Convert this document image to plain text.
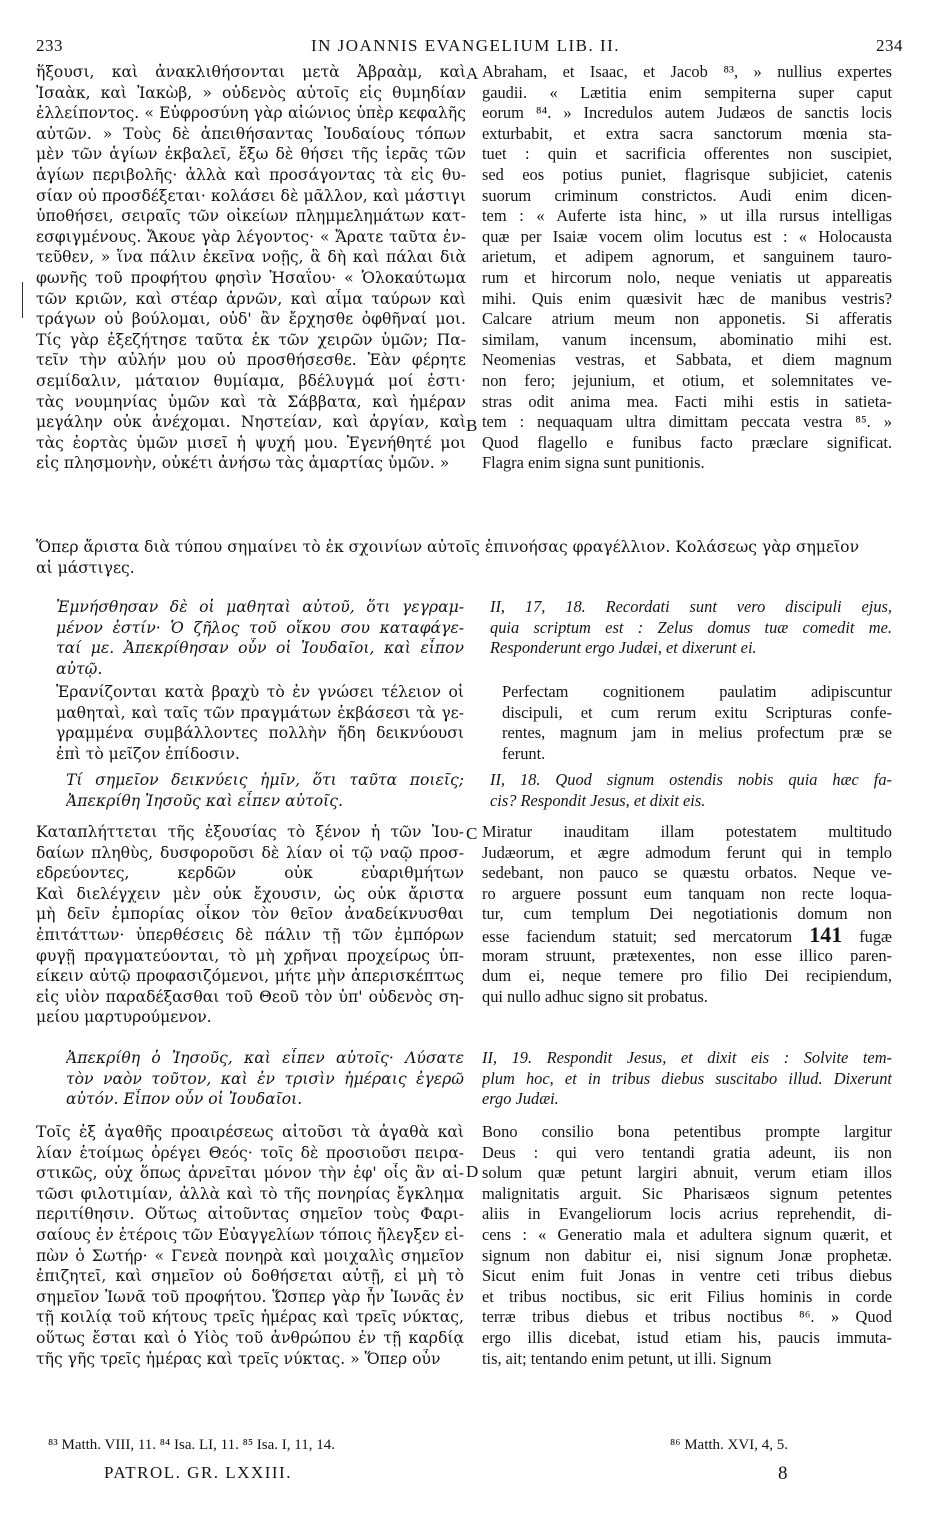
233	IN JOANNIS EVANGELIUM LIB. II.	234
ἥξουσι, καὶ ἀνακλιθήσονται μετὰ Ἀβραὰμ, καὶ
Ἰσαὰκ, καὶ Ἰακὼβ, » οὐδενὸς αὐτοῖς εἰς θυμηδίαν
ἐλλείποντος. « Εὐφροσύνη γὰρ αἰώνιος ὑπὲρ κεφαλῆς
αὐτῶν. » Τοὺς δὲ ἀπειθήσαντας Ἰουδαίους τόπων
μὲν τῶν ἁγίων ἐκβαλεῖ, ἔξω δὲ θήσει τῆς ἱερᾶς τῶν
ἁγίων περιβολῆς· ἀλλὰ καὶ προσάγοντας τὰ εἰς θυ-
σίαν οὐ προσδέξεται· κολάσει δὲ μᾶλλον, καὶ μάστιγι
ὑποθήσει, σειραῖς τῶν οἰκείων πλημμελημάτων κατ-
εσφιγμένους. Ἄκουε γὰρ λέγοντος· « Ἄρατε ταῦτα ἐν-
τεῦθεν, » ἵνα πάλιν ἐκεῖνα νοῇς, ἃ δὴ καὶ πάλαι διὰ
φωνῆς τοῦ προφήτου φησὶν Ἡσαΐου· « Ὁλοκαύτωμα
τῶν κριῶν, καὶ στέαρ ἀρνῶν, καὶ αἷμα ταύρων καὶ
τράγων οὐ βούλομαι, οὐδ' ἂν ἔρχησθε ὀφθῆναί μοι.
Τίς γὰρ ἐξεζήτησε ταῦτα ἐκ τῶν χειρῶν ὑμῶν; Πα-
τεῖν τὴν αὐλήν μου οὐ προσθήσεσθε. Ἐὰν φέρητε
σεμίδαλιν, μάταιον θυμίαμα, βδέλυγμά μοί ἐστι·
τὰς νουμηνίας ὑμῶν καὶ τὰ Σάββατα, καὶ ἡμέραν
μεγάλην οὐκ ἀνέχομαι. Νηστείαν, καὶ ἀργίαν, καὶ
τὰς ἑορτὰς ὑμῶν μισεῖ ἡ ψυχή μου. Ἐγενήθητέ μοι
εἰς πλησμονὴν, οὐκέτι ἀνήσω τὰς ἁμαρτίας ὑμῶν. »
Abraham, et Isaac, et Jacob ⁸³, » nullius expertes
gaudii. « Lætitia enim sempiterna super caput
eorum ⁸⁴. » Incredulos autem Judæos de sanctis locis
exturbabit, et extra sacra sanctorum mœnia sta-
tuet : quin et sacrificia offerentes non suscipiet,
sed eos potius puniet, flagrisque subjiciet, catenis
suorum criminum constrictos. Audi enim dicen-
tem : « Auferte ista hinc, » ut illa rursus intelligas
quæ per Isaiæ vocem olim locutus est : « Holocausta
arietum, et adipem agnorum, et sanguinem tauro-
rum et hircorum nolo, neque veniatis ut appareatis
mihi. Quis enim quæsivit hæc de manibus vestris?
Calcare atrium meum non apponetis. Si afferatis
similam, vanum incensum, abominatio mihi est.
Neomenias vestras, et Sabbata, et diem magnum
non fero; jejunium, et otium, et solemnitates ve-
stras odit anima mea. Facti mihi estis in satieta-
tem : nequaquam ultra dimittam peccata vestra ⁸⁵. »
Quod flagello e funibus facto præclare significat.
Flagra enim signa sunt punitionis.
A
B
C
D
Ὅπερ ἄριστα διὰ τύπου σημαίνει τὸ ἐκ σχοινίων αὐτοῖς ἐπινοήσας φραγέλλιον. Κολάσεως γὰρ σημεῖον
αἱ μάστιγες.
Ἐμνήσθησαν δὲ οἱ μαθηταὶ αὐτοῦ, ὅτι γεγραμ-
μένον ἐστίν· Ὁ ζῆλος τοῦ οἴκου σου καταφάγε-
ταί με. Ἀπεκρίθησαν οὖν οἱ Ἰουδαῖοι, καὶ εἶπον
αὐτῷ.
II, 17, 18. Recordati sunt vero discipuli ejus,
quia scriptum est : Zelus domus tuæ comedit me.
Responderunt ergo Judæi, et dixerunt ei.
Ἐρανίζονται κατὰ βραχὺ τὸ ἐν γνώσει τέλειον οἱ
μαθηταὶ, καὶ ταῖς τῶν πραγμάτων ἐκβάσεσι τὰ γε-
γραμμένα συμβάλλοντες πολλὴν ἤδη δεικνύουσι
ἐπὶ τὸ μεῖζον ἐπίδοσιν.
Perfectam cognitionem paulatim adipiscuntur
discipuli, et cum rerum exitu Scripturas confe-
rentes, magnum jam in melius profectum præ se
ferunt.
Τί σημεῖον δεικνύεις ἡμῖν, ὅτι ταῦτα ποιεῖς;
Ἀπεκρίθη Ἰησοῦς καὶ εἶπεν αὐτοῖς.
II, 18. Quod signum ostendis nobis quia hæc fa-
cis? Respondit Jesus, et dixit eis.
Καταπλήττεται τῆς ἐξουσίας τὸ ξένον ἡ τῶν Ἰου-
δαίων πληθὺς, δυσφοροῦσι δὲ λίαν οἱ τῷ ναῷ προσ-
εδρεύοντες, κερδῶν οὐκ εὐαριθμήτων
Καὶ διελέγχειν μὲν οὐκ ἔχουσιν, ὡς οὐκ ἄριστα
μὴ δεῖν ἐμπορίας οἶκον τὸν θεῖον ἀναδείκνυσθαι
ἐπιτάττων· ὑπερθέσεις δὲ πάλιν τῇ τῶν ἐμπόρων
φυγῇ πραγματεύονται, τὸ μὴ χρῆναι προχείρως ὑπ-
είκειν αὐτῷ προφασιζόμενοι, μήτε μὴν ἀπερισκέπτως
εἰς υἱὸν παραδέξασθαι τοῦ Θεοῦ τὸν ὑπ' οὐδενὸς ση-
μείου μαρτυρούμενον.
Miratur inauditam illam potestatem multitudo
Judæorum, et ægre admodum ferunt qui in templo
sedebant, non pauco se quæstu orbatos. Neque ve-
ro arguere possunt eum tanquam non recte loqua-
tur, cum templum Dei negotiationis domum non
esse faciendum statuit; sed mercatorum 141 fugæ
moram struunt, prætexentes, non esse illico paren-
dum ei, neque temere pro filio Dei recipiendum,
qui nullo adhuc signo sit probatus.
Ἀπεκρίθη ὁ Ἰησοῦς, καὶ εἶπεν αὐτοῖς· Λύσατε
τὸν ναὸν τοῦτον, καὶ ἐν τρισὶν ἡμέραις ἐγερῶ
αὐτόν. Εἶπον οὖν οἱ Ἰουδαῖοι.
II, 19. Respondit Jesus, et dixit eis : Solvite tem-
plum hoc, et in tribus diebus suscitabo illud. Dixerunt
ergo Judæi.
Τοῖς ἐξ ἀγαθῆς προαιρέσεως αἰτοῦσι τὰ ἀγαθὰ καὶ
λίαν ἑτοίμως ὀρέγει Θεός· τοῖς δὲ προσιοῦσι πειρα-
στικῶς, οὐχ ὅπως ἀρνεῖται μόνον τὴν ἐφ' οἷς ἂν αἰ-
τῶσι φιλοτιμίαν, ἀλλὰ καὶ τὸ τῆς πονηρίας ἔγκλημα
περιτίθησιν. Οὕτως αἰτοῦντας σημεῖον τοὺς Φαρι-
σαίους ἐν ἑτέροις τῶν Εὐαγγελίων τόποις ἤλεγξεν εἰ-
πὼν ὁ Σωτήρ· « Γενεὰ πονηρὰ καὶ μοιχαλὶς σημεῖον
ἐπιζητεῖ, καὶ σημεῖον οὐ δοθήσεται αὐτῇ, εἰ μὴ τὸ
σημεῖον Ἰωνᾶ τοῦ προφήτου. Ὥσπερ γὰρ ἦν Ἰωνᾶς ἐν
τῇ κοιλίᾳ τοῦ κήτους τρεῖς ἡμέρας καὶ τρεῖς νύκτας,
οὕτως ἔσται καὶ ὁ Υἱὸς τοῦ ἀνθρώπου ἐν τῇ καρδίᾳ
τῆς γῆς τρεῖς ἡμέρας καὶ τρεῖς νύκτας. » Ὅπερ οὖν
Bono consilio bona petentibus prompte largitur
Deus : qui vero tentandi gratia adeunt, iis non
solum quæ petunt largiri abnuit, verum etiam illos
malignitatis arguit. Sic Pharisæos signum petentes
aliis in Evangeliorum locis acrius reprehendit, di-
cens : « Generatio mala et adultera signum quærit, et
signum non dabitur ei, nisi signum Jonæ prophetæ.
Sicut enim fuit Jonas in ventre ceti tribus diebus
et tribus noctibus, sic erit Filius hominis in corde
terræ tribus diebus et tribus noctibus ⁸⁶. » Quod
ergo illis dicebat, istud etiam his, paucis immuta-
tis, ait; tentando enim petunt, ut illi. Signum
⁸³ Matth. VIII, 11. ⁸⁴ Isa. LI, 11. ⁸⁵ Isa. I, 11, 14.	⁸⁶ Matth. XVI, 4, 5.
PATROL. GR. LXXIII.	8
